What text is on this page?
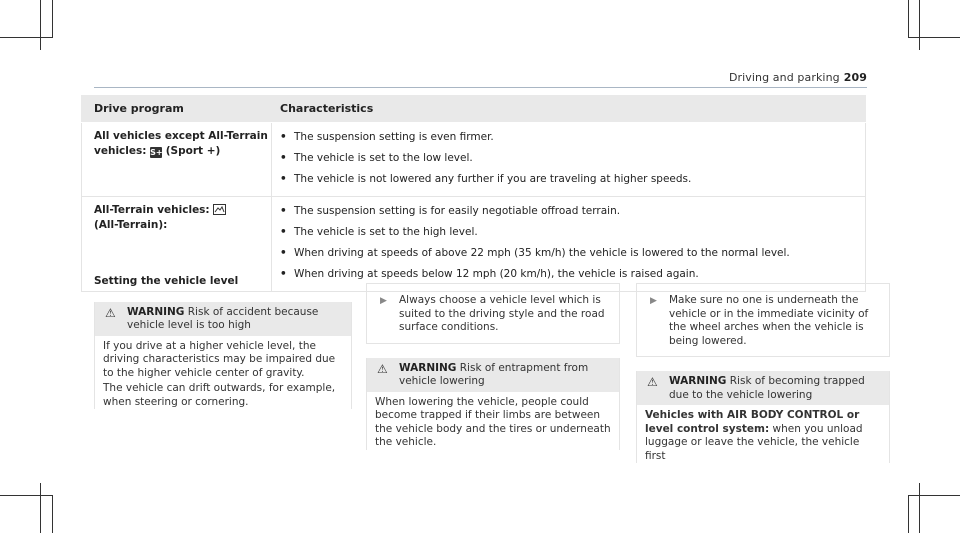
Driving and parking 209
Drive program	Characteristics
All vehicles except All-Terrain vehicles: S+ (Sport +)
• The suspension setting is even firmer.
• The vehicle is set to the low level.
• The vehicle is not lowered any further if you are traveling at higher speeds.
All-Terrain vehicles:

(All-Terrain):
• The suspension setting is for easily negotiable offroad terrain.
• The vehicle is set to the high level.
• When driving at speeds of above 22 mph (35 km/h) the vehicle is lowered to the normal level.
• When driving at speeds below 12 mph (20 km/h), the vehicle is raised again.
Setting the vehicle level
⚠ WARNING Risk of accident because vehicle level is too high
If you drive at a higher vehicle level, the driving characteristics may be impaired due to the higher vehicle center of gravity.
The vehicle can drift outwards, for example, when steering or cornering.
▶ Always choose a vehicle level which is suited to the driving style and the road surface conditions.
⚠ WARNING Risk of entrapment from vehicle lowering
When lowering the vehicle, people could become trapped if their limbs are between the vehicle body and the tires or underneath the vehicle.
▶ Make sure no one is underneath the vehicle or in the immediate vicinity of the wheel arches when the vehicle is being lowered.
⚠ WARNING Risk of becoming trapped due to the vehicle lowering
Vehicles with AIR BODY CONTROL or level control system: when you unload luggage or leave the vehicle, the vehicle first
